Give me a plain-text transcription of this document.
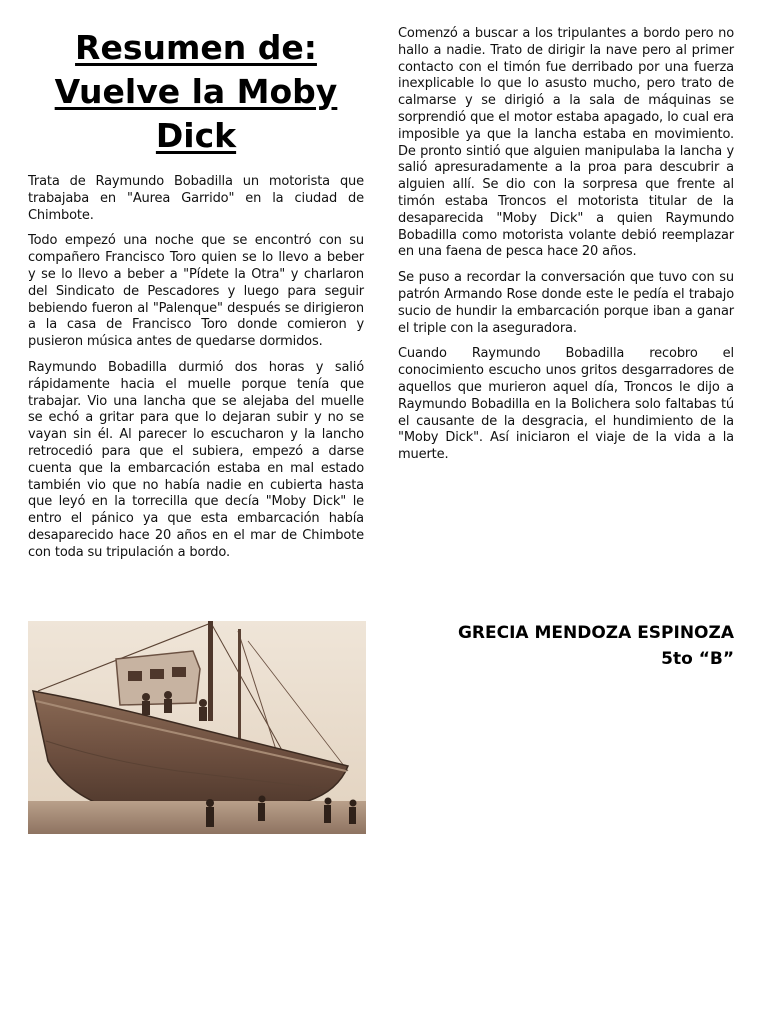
Resumen de: Vuelve la Moby Dick

Trata de Raymundo Bobadilla un motorista que trabajaba en "Aurea Garrido" en la ciudad de Chimbote.

Todo empezó una noche que se encontró con su compañero Francisco Toro quien se lo llevo a beber y se lo llevo a beber a "Pídete la Otra" y charlaron del Sindicato de Pescadores y luego para seguir bebiendo fueron al "Palenque" después se dirigieron a la casa de Francisco Toro donde comieron y pusieron música antes de quedarse dormidos.

Raymundo Bobadilla durmió dos horas y salió rápidamente hacia el muelle porque tenía que trabajar. Vio una lancha que se alejaba del muelle se echó a gritar para que lo dejaran subir y no se vayan sin él. Al parecer lo escucharon y la lancho retrocedió para que el subiera, empezó a darse cuenta que la embarcación estaba en mal estado también vio que no había nadie en cubierta hasta que leyó en la torrecilla que decía "Moby Dick" le entro el pánico ya que esta embarcación había desaparecido hace 20 años en el mar de Chimbote con toda su tripulación a bordo.

Comenzó a buscar a los tripulantes a bordo pero no hallo a nadie. Trato de dirigir la nave pero al primer contacto con el timón fue derribado por una fuerza inexplicable lo que lo asusto mucho, pero trato de calmarse y se dirigió a la sala de máquinas se sorprendió que el motor estaba apagado, lo cual era imposible ya que la lancha estaba en movimiento. De pronto sintió que alguien manipulaba la lancha y salió apresuradamente a la proa para descubrir a alguien allí. Se dio con la sorpresa que frente al timón estaba Troncos el motorista titular de la desaparecida "Moby Dick" a quien Raymundo Bobadilla como motorista volante debió reemplazar en una faena de pesca hace 20 años.

Se puso a recordar la conversación que tuvo con su patrón Armando Rose donde este le pedía el trabajo sucio de hundir la embarcación porque iban a ganar el triple con la aseguradora.

Cuando Raymundo Bobadilla recobro el conocimiento escucho unos gritos desgarradores de aquellos que murieron aquel día, Troncos le dijo a Raymundo Bobadilla en la Bolichera solo faltabas tú el causante de la desgracia, el hundimiento de la "Moby Dick". Así iniciaron el viaje de la vida a la muerte.

GRECIA MENDOZA ESPINOZA
5to “B”
